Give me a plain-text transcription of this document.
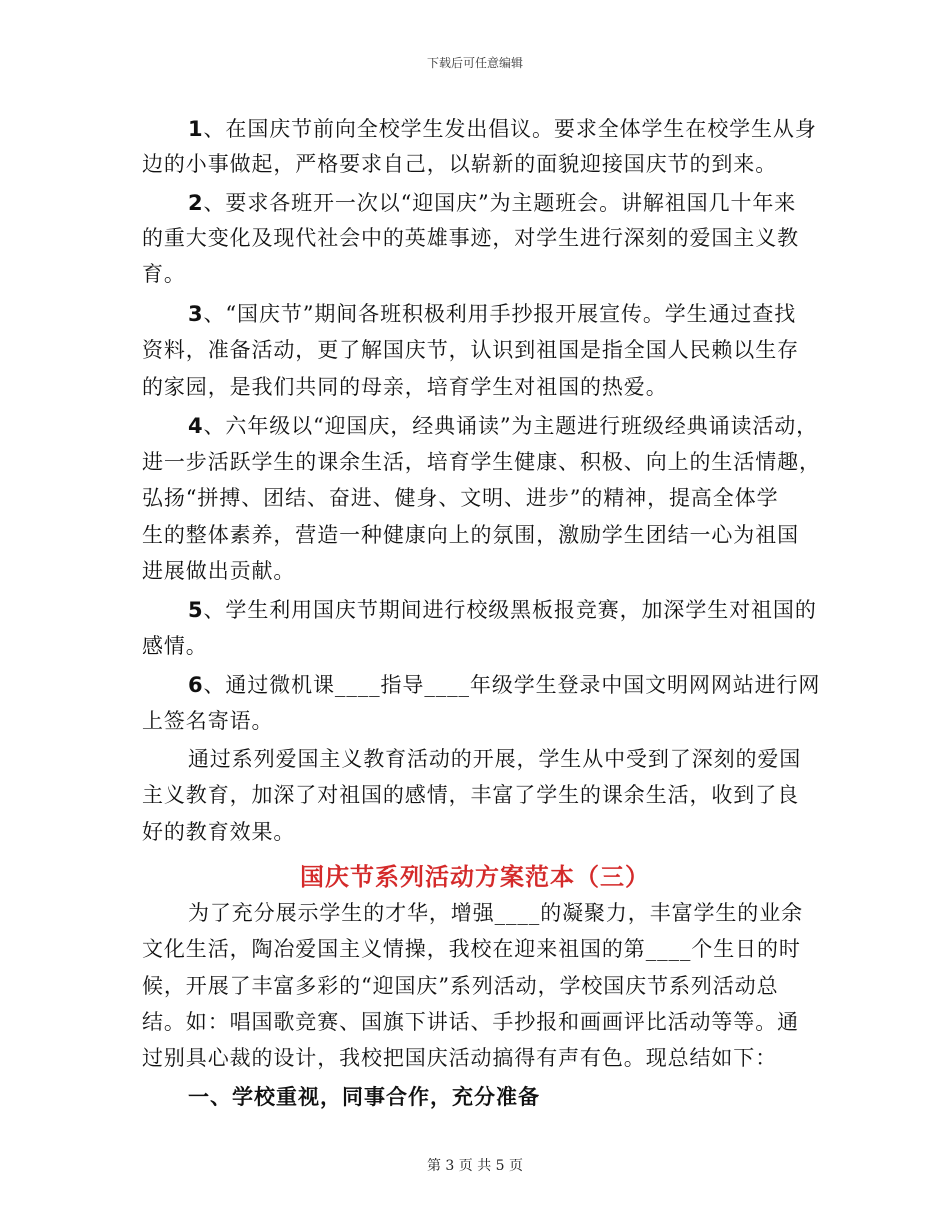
下载后可任意编辑
1、在国庆节前向全校学生发出倡议。要求全体学生在校学生从身
边的小事做起，严格要求自己，以崭新的面貌迎接国庆节的到来。
2、要求各班开一次以“迎国庆”为主题班会。讲解祖国几十年来
的重大变化及现代社会中的英雄事迹，对学生进行深刻的爱国主义教
育。
3、“国庆节”期间各班积极利用手抄报开展宣传。学生通过查找
资料，准备活动，更了解国庆节，认识到祖国是指全国人民赖以生存
的家园，是我们共同的母亲，培育学生对祖国的热爱。
4、六年级以“迎国庆，经典诵读”为主题进行班级经典诵读活动，
进一步活跃学生的课余生活，培育学生健康、积极、向上的生活情趣，
弘扬“拼搏、团结、奋进、健身、文明、进步”的精神，提高全体学
生的整体素养，营造一种健康向上的氛围，激励学生团结一心为祖国
进展做出贡献。
5、学生利用国庆节期间进行校级黑板报竞赛，加深学生对祖国的
感情。
6、通过微机课____指导____年级学生登录中国文明网网站进行网
上签名寄语。
通过系列爱国主义教育活动的开展，学生从中受到了深刻的爱国
主义教育，加深了对祖国的感情，丰富了学生的课余生活，收到了良
好的教育效果。
国庆节系列活动方案范本（三）
为了充分展示学生的才华，增强____的凝聚力，丰富学生的业余
文化生活，陶冶爱国主义情操，我校在迎来祖国的第____个生日的时
候，开展了丰富多彩的“迎国庆”系列活动，学校国庆节系列活动总
结。如：唱国歌竞赛、国旗下讲话、手抄报和画画评比活动等等。通
过别具心裁的设计，我校把国庆活动搞得有声有色。现总结如下：
一、学校重视，同事合作，充分准备
第 3 页 共 5 页
